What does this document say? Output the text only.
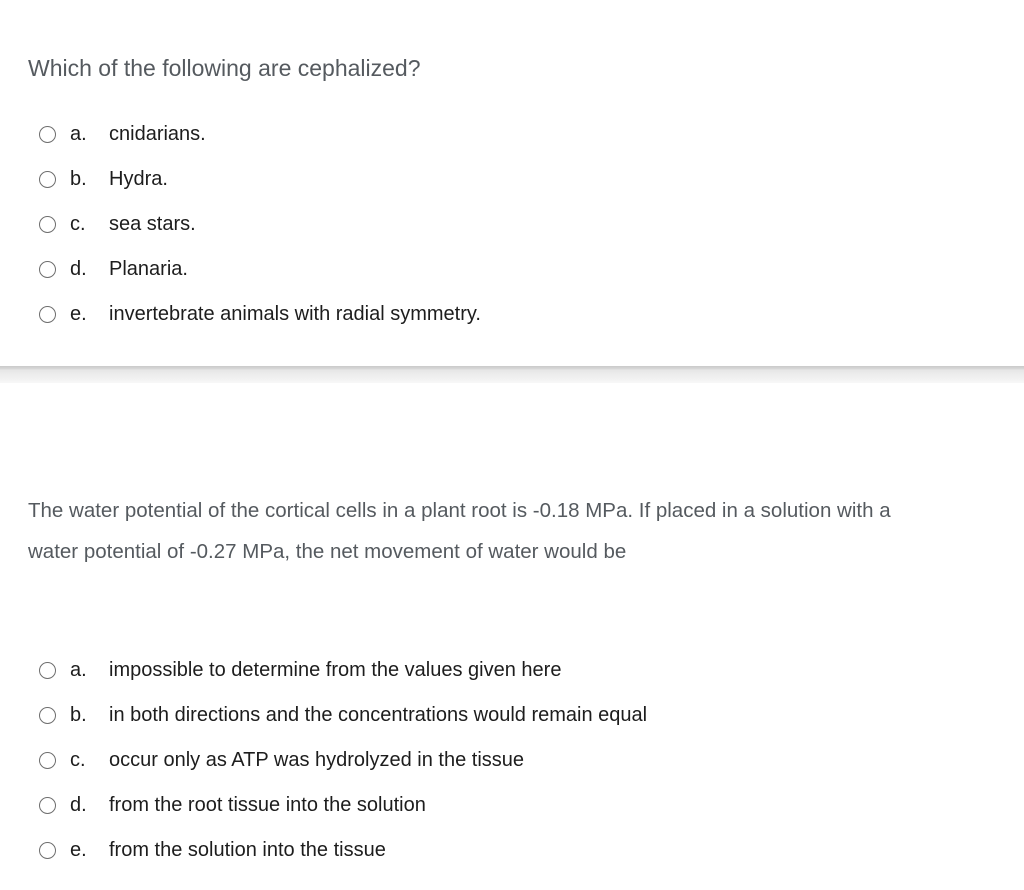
Which of the following are cephalized?

a. cnidarians.
b. Hydra.
c. sea stars.
d. Planaria.
e. invertebrate animals with radial symmetry.
The water potential of the cortical cells in a plant root is -0.18 MPa. If placed in a solution with a
water potential of -0.27 MPa, the net movement of water would be
a. impossible to determine from the values given here
b. in both directions and the concentrations would remain equal
c. occur only as ATP was hydrolyzed in the tissue
d. from the root tissue into the solution
e. from the solution into the tissue
